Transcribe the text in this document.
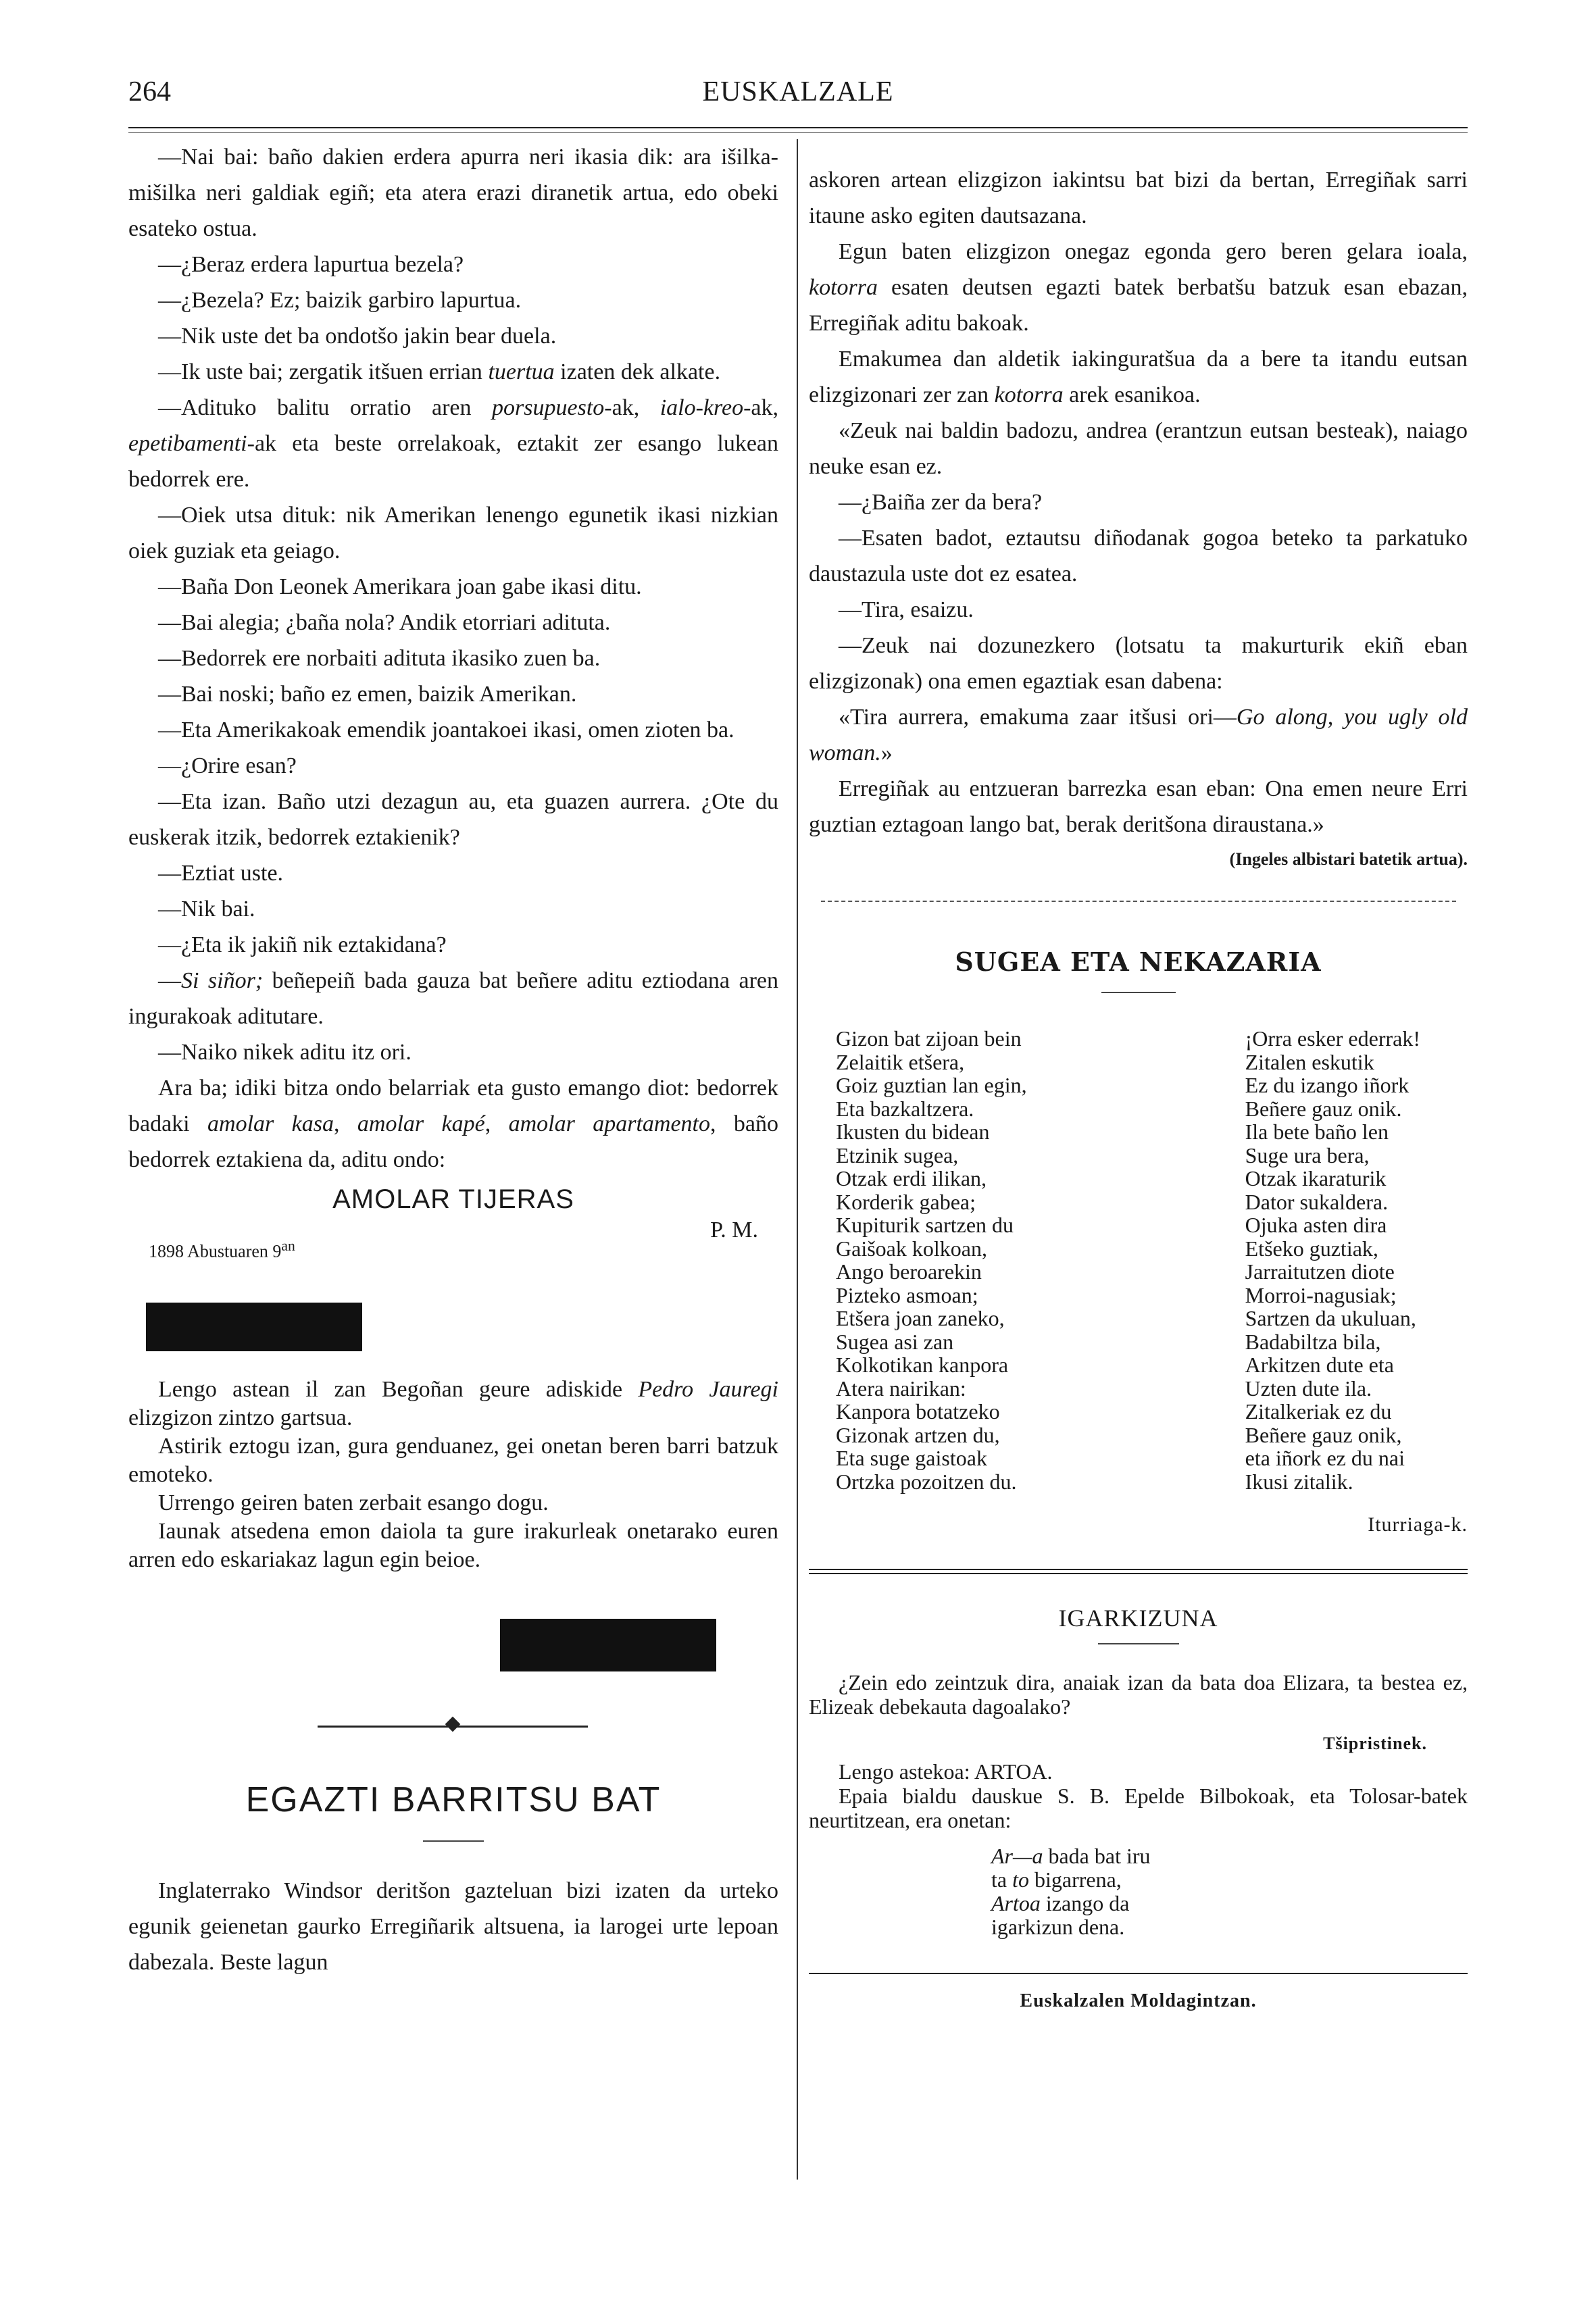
264	EUSKALZALE

—Nai bai: baño dakien erdera apurra neri ikasia dik: ara išilka-mišilka neri galdiak egiñ; eta atera erazi diranetik artua, edo obeki esateko ostua.

—¿Beraz erdera lapurtua bezela?

—¿Bezela? Ez; baizik garbiro lapurtua.

—Nik uste det ba ondotšo jakin bear duela.

—Ik uste bai; zergatik itšuen errian tuertua izaten dek alkate.

—Adituko balitu orratio aren porsupuesto-ak, ialo-kreo-ak, epetibamenti-ak eta beste orrelakoak, eztakit zer esango lukean bedorrek ere.

—Oiek utsa dituk: nik Amerikan lenengo egunetik ikasi nizkian oiek guziak eta geiago.

—Baña Don Leonek Amerikara joan gabe ikasi ditu.

—Bai alegia; ¿baña nola? Andik etorriari adituta.

—Bedorrek ere norbaiti adituta ikasiko zuen ba.

—Bai noski; baño ez emen, baizik Amerikan.

—Eta Amerikakoak emendik joantakoei ikasi, omen zioten ba.

—¿Orire esan?

—Eta izan. Baño utzi dezagun au, eta guazen aurrera. ¿Ote du euskerak itzik, bedorrek eztakienik?

—Eztiat uste.

—Nik bai.

—¿Eta ik jakiñ nik eztakidana?

—Si siñor; beñepeiñ bada gauza bat beñere aditu eztiodana aren ingurakoak aditutare.

—Naiko nikek aditu itz ori.

Ara ba; idiki bitza ondo belarriak eta gusto emango diot: bedorrek badaki amolar kasa, amolar kapé, amolar apartamento, baño bedorrek eztakiena da, aditu ondo:

AMOLAR TIJERAS
P. M.
1898 Abustuaren $9^{an}$

Lengo astean il zan Begoñan geure adiskide Pedro Jauregi elizgizon zintzo gartsua.

Astirik eztogu izan, gura genduanez, gei onetan beren barri batzuk emoteko.

Urrengo geiren baten zerbait esango dogu.

Iaunak atsedena emon daiola ta gure irakurleak onetarako euren arren edo eskariakaz lagun egin beioe.

EGAZTI BARRITSU BAT

Inglaterrako Windsor deritšon gazteluan bizi izaten da urteko egunik geienetan gaurko Erregiñarik altsuena, ia larogei urte lepoan dabezala. Beste lagun

askoren artean elizgizon iakintsu bat bizi da bertan, Erregiñak sarri itaune asko egiten dautsazana.

Egun baten elizgizon onegaz egonda gero beren gelara ioala, kotorra esaten deutsen egazti batek berbatšu batzuk esan ebazan, Erregiñak aditu bakoak.

Emakumea dan aldetik iakinguratšua da a bere ta itandu eutsan elizgizonari zer zan kotorra arek esanikoa.

«Zeuk nai baldin badozu, andrea (erantzun eutsan besteak), naiago neuke esan ez.

—¿Baiña zer da bera?

—Esaten badot, eztautsu diñodanak gogoa beteko ta parkatuko daustazula uste dot ez esatea.

—Tira, esaizu.

—Zeuk nai dozunezkero (lotsatu ta makurturik ekiñ eban elizgizonak) ona emen egaztiak esan dabena:

«Tira aurrera, emakuma zaar itšusi ori—Go along, you ugly old woman.»

Erregiñak au entzueran barrezka esan eban: Ona emen neure Erri guztian eztagoan lango bat, berak deritšona diraustana.»

(Ingeles albistari batetik artua).
SUGEA ETA NEKAZARIA
Gizon bat zijoan bein
Zelaitik etšera,
Goiz guztian lan egin,
Eta bazkaltzera.
Ikusten du bidean
Etzinik sugea,
Otzak erdi ilikan,
Korderik gabea;
Kupiturik sartzen du
Gaišoak kolkoan,
Ango beroarekin
Pizteko asmoan;
Etšera joan zaneko,
Sugea asi zan
Kolkotikan kanpora
Atera nairikan:
Kanpora botatzeko
Gizonak artzen du,
Eta suge gaistoak
Ortzka pozoitzen du.
¡Orra esker ederrak!
Zitalen eskutik
Ez du izango iñork
Beñere gauz onik.
Ila bete baño len
Suge ura bera,
Otzak ikaraturik
Dator sukaldera.
Ojuka asten dira
Etšeko guztiak,
Jarraitutzen diote
Morroi-nagusiak;
Sartzen da ukuluan,
Badabiltza bila,
Arkitzen dute eta
Uzten dute ila.
Zitalkeriak ez du
Beñere gauz onik,
eta iñork ez du nai
Ikusi zitalik.
Iturriaga-k.
IGARKIZUNA

¿Zein edo zeintzuk dira, anaiak izan da bata doa Elizara, ta bestea ez, Elizeak debekauta dagoalako?

Tšipristinek.

Lengo astekoa: ARTOA.

Epaia bialdu dauskue S. B. Epelde Bilbokoak, eta Tolosar-batek neurtitzean, era onetan:

Ar—a bada bat iru
ta to bigarrena,
Artoa izango da
igarkizun dena.
Euskalzalen Moldagintzan.
